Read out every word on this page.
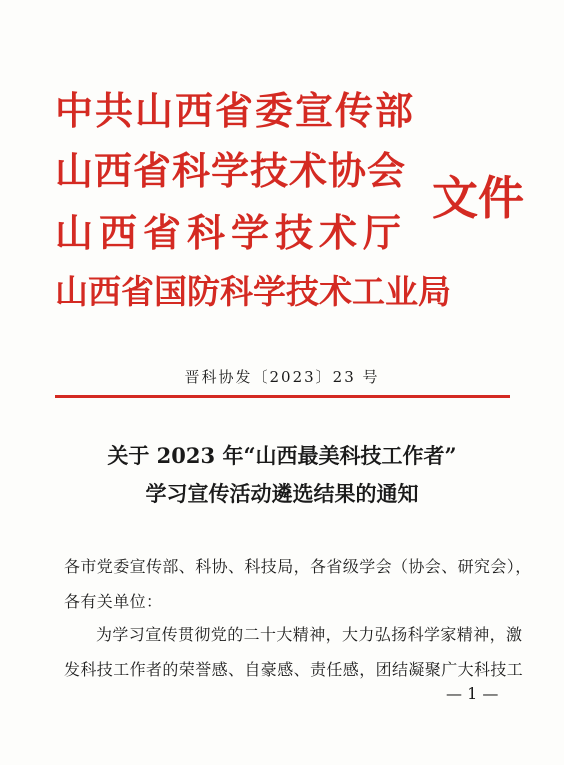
中共山西省委宣传部
山西省科学技术协会
山西省科学技术厅
山西省国防科学技术工业局
文件
晋科协发〔2023〕23 号
关于 2023 年“山西最美科技工作者”
学习宣传活动遴选结果的通知
各市党委宣传部、科协、科技局，各省级学会（协会、研究会），
各有关单位：
为学习宣传贯彻党的二十大精神，大力弘扬科学家精神，激
发科技工作者的荣誉感、自豪感、责任感，团结凝聚广大科技工
— 1 —
